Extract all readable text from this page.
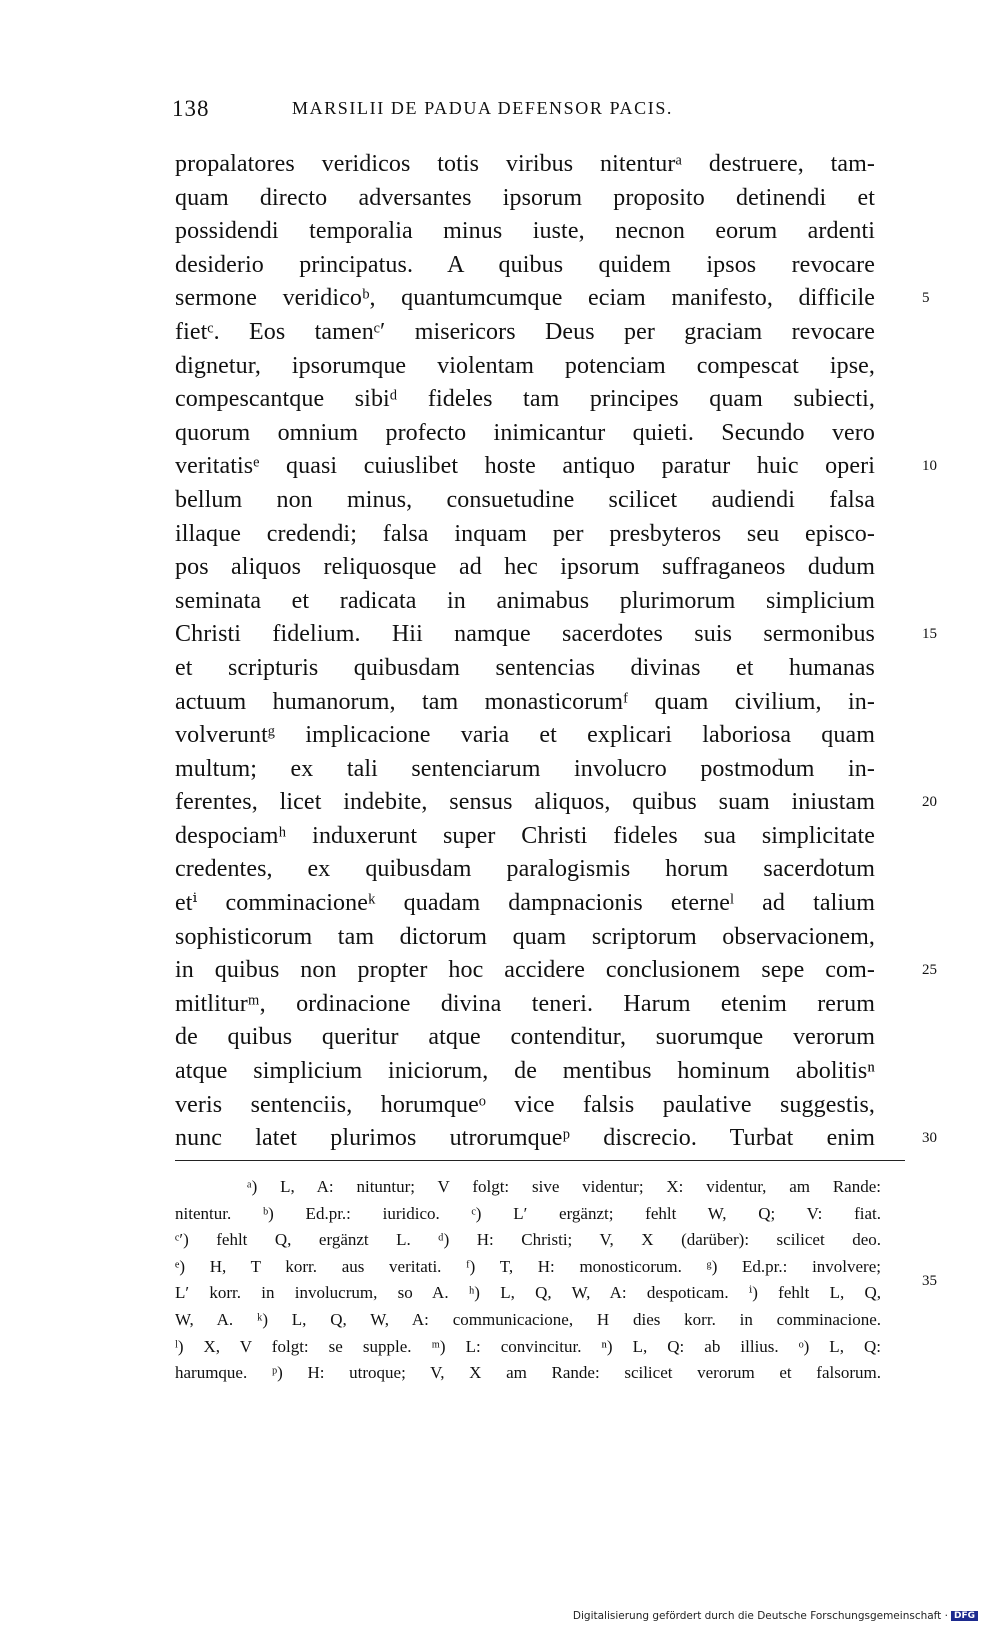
138	MARSILII DE PADUA DEFENSOR PACIS.
propalatores veridicos totis viribus nitenturᵃ destruere, tam-
quam directo adversantes ipsorum proposito detinendi et
possidendi temporalia minus iuste, necnon eorum ardenti
desiderio principatus. A quibus quidem ipsos revocare
sermone veridicoᵇ, quantumcumque eciam manifesto, difficile
fietᶜ. Eos tamenᶜ′ misericors Deus per graciam revocare
dignetur, ipsorumque violentam potenciam compescat ipse,
compescantque sibiᵈ fideles tam principes quam subiecti,
quorum omnium profecto inimicantur quieti. Secundo vero
veritatisᵉ quasi cuiuslibet hoste antiquo paratur huic operi
bellum non minus, consuetudine scilicet audiendi falsa
illaque credendi; falsa inquam per presbyteros seu episco-
pos aliquos reliquosque ad hec ipsorum suffraganeos dudum
seminata et radicata in animabus plurimorum simplicium
Christi fidelium. Hii namque sacerdotes suis sermonibus
et scripturis quibusdam sentencias divinas et humanas
actuum humanorum, tam monasticorumᶠ quam civilium, in-
volveruntᵍ implicacione varia et explicari laboriosa quam
multum; ex tali sentenciarum involucro postmodum in-
ferentes, licet indebite, sensus aliquos, quibus suam iniustam
despociamʰ induxerunt super Christi fideles sua simplicitate
credentes, ex quibusdam paralogismis horum sacerdotum
etⁱ comminacioneᵏ quadam dampnacionis eterneˡ ad talium
sophisticorum tam dictorum quam scriptorum observacionem,
in quibus non propter hoc accidere conclusionem sepe com-
mitliturᵐ, ordinacione divina teneri. Harum etenim rerum
de quibus queritur atque contenditur, suorumque verorum
atque simplicium iniciorum, de mentibus hominum abolitisⁿ
veris sentenciis, horumqueᵒ vice falsis paulative suggestis,
nunc latet plurimos utrorumqueᵖ discrecio. Turbat enim
5
10
15
20
25
30
ᵃ) L, A: nituntur; V folgt: sive videntur; X: videntur, am Rande:
nitentur. ᵇ) Ed.pr.: iuridico. ᶜ) L′ ergänzt; fehlt W, Q; V: fiat.
ᶜ′) fehlt Q, ergänzt L. ᵈ) H: Christi; V, X (darüber): scilicet deo.
ᵉ) H, T korr. aus veritati. ᶠ) T, H: monosticorum. ᵍ) Ed.pr.: involvere;
L′ korr. in involucrum, so A. ʰ) L, Q, W, A: despoticam. ⁱ) fehlt L, Q,
W, A. ᵏ) L, Q, W, A: communicacione, H dies korr. in comminacione.
ˡ) X, V folgt: se supple. ᵐ) L: convincitur. ⁿ) L, Q: ab illius. ᵒ) L, Q:
harumque. ᵖ) H: utroque; V, X am Rande: scilicet verorum et falsorum.
35
Digitalisierung gefördert durch die Deutsche Forschungsgemeinschaft · DFG
